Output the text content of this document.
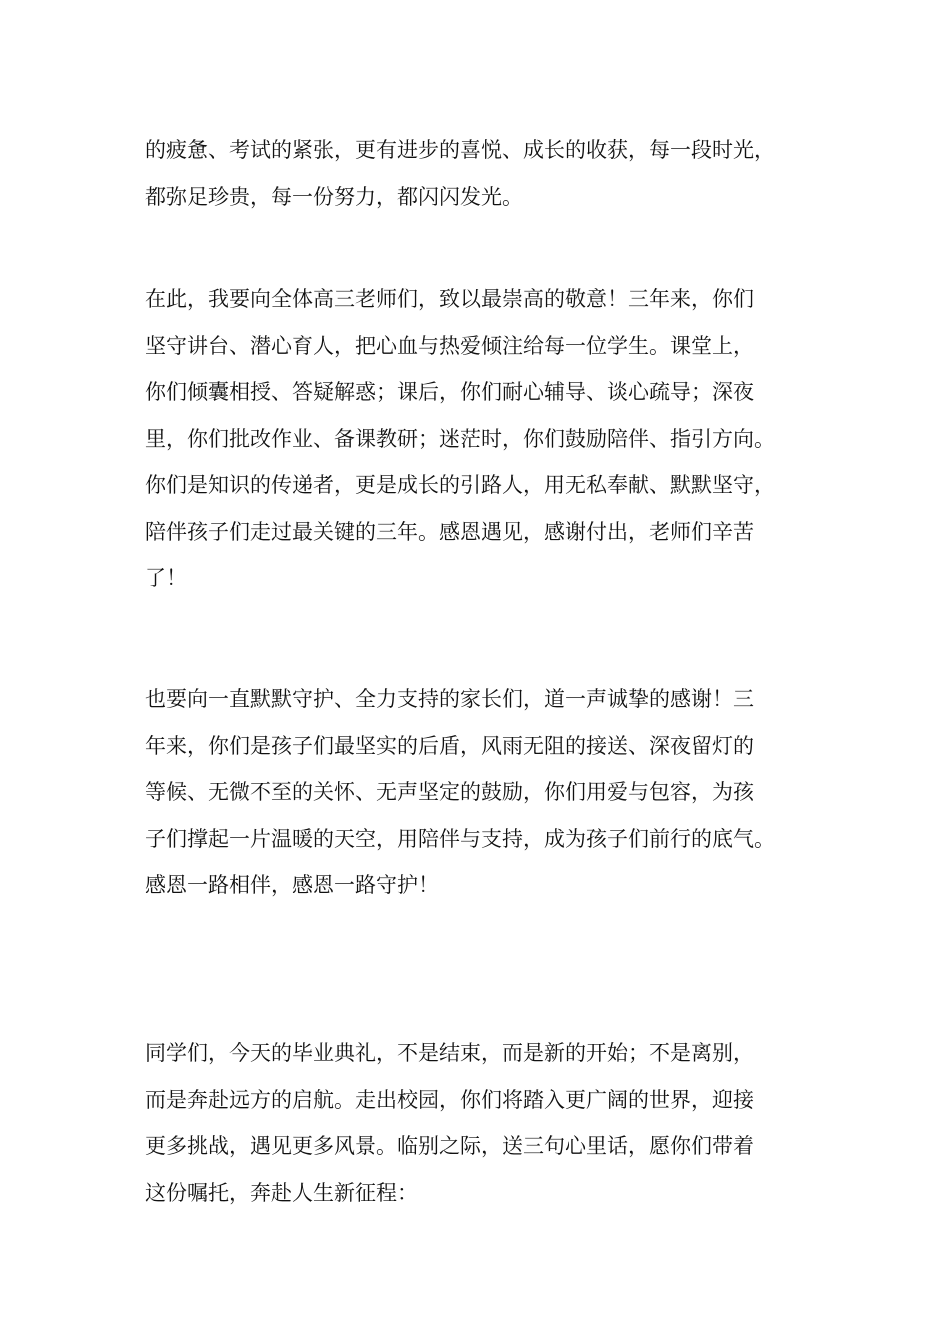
的疲惫、考试的紧张，更有进步的喜悦、成长的收获，每一段时光，
都弥足珍贵，每一份努力，都闪闪发光。
在此，我要向全体高三老师们，致以最崇高的敬意！三年来，你们
坚守讲台、潜心育人，把心血与热爱倾注给每一位学生。课堂上，
你们倾囊相授、答疑解惑；课后，你们耐心辅导、谈心疏导；深夜
里，你们批改作业、备课教研；迷茫时，你们鼓励陪伴、指引方向。
你们是知识的传递者，更是成长的引路人，用无私奉献、默默坚守，
陪伴孩子们走过最关键的三年。感恩遇见，感谢付出，老师们辛苦
了！
也要向一直默默守护、全力支持的家长们，道一声诚挚的感谢！三
年来，你们是孩子们最坚实的后盾，风雨无阻的接送、深夜留灯的
等候、无微不至的关怀、无声坚定的鼓励，你们用爱与包容，为孩
子们撑起一片温暖的天空，用陪伴与支持，成为孩子们前行的底气。
感恩一路相伴，感恩一路守护！
同学们，今天的毕业典礼，不是结束，而是新的开始；不是离别，
而是奔赴远方的启航。走出校园，你们将踏入更广阔的世界，迎接
更多挑战，遇见更多风景。临别之际，送三句心里话，愿你们带着
这份嘱托，奔赴人生新征程：
